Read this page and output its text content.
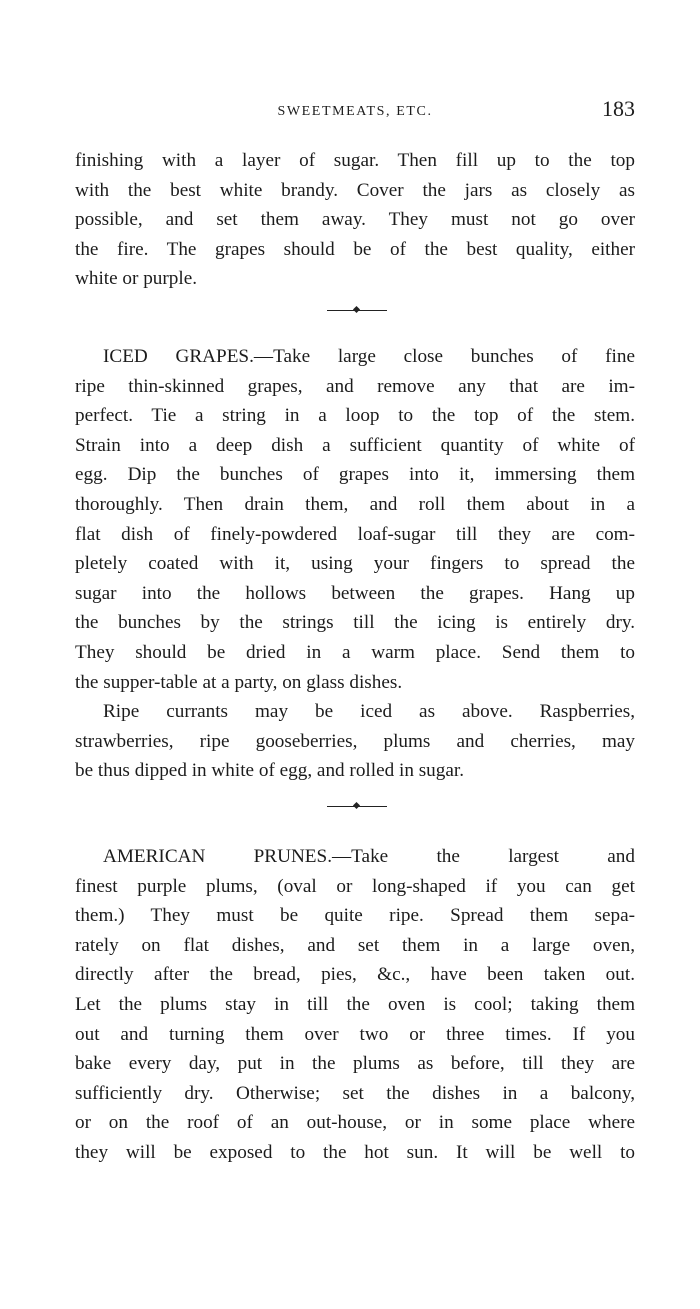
SWEETMEATS, ETC.	183
finishing with a layer of sugar. Then fill up to the top
with the best white brandy. Cover the jars as closely as
possible, and set them away. They must not go over
the fire. The grapes should be of the best quality, either
white or purple.
ICED GRAPES.—Take large close bunches of fine
ripe thin-skinned grapes, and remove any that are im-
perfect. Tie a string in a loop to the top of the stem.
Strain into a deep dish a sufficient quantity of white of
egg. Dip the bunches of grapes into it, immersing them
thoroughly. Then drain them, and roll them about in a
flat dish of finely-powdered loaf-sugar till they are com-
pletely coated with it, using your fingers to spread the
sugar into the hollows between the grapes. Hang up
the bunches by the strings till the icing is entirely dry.
They should be dried in a warm place. Send them to
the supper-table at a party, on glass dishes.
Ripe currants may be iced as above. Raspberries,
strawberries, ripe gooseberries, plums and cherries, may
be thus dipped in white of egg, and rolled in sugar.
AMERICAN PRUNES.—Take the largest and
finest purple plums, (oval or long-shaped if you can get
them.) They must be quite ripe. Spread them sepa-
rately on flat dishes, and set them in a large oven,
directly after the bread, pies, &c., have been taken out.
Let the plums stay in till the oven is cool; taking them
out and turning them over two or three times. If you
bake every day, put in the plums as before, till they are
sufficiently dry. Otherwise; set the dishes in a balcony,
or on the roof of an out-house, or in some place where
they will be exposed to the hot sun. It will be well to
